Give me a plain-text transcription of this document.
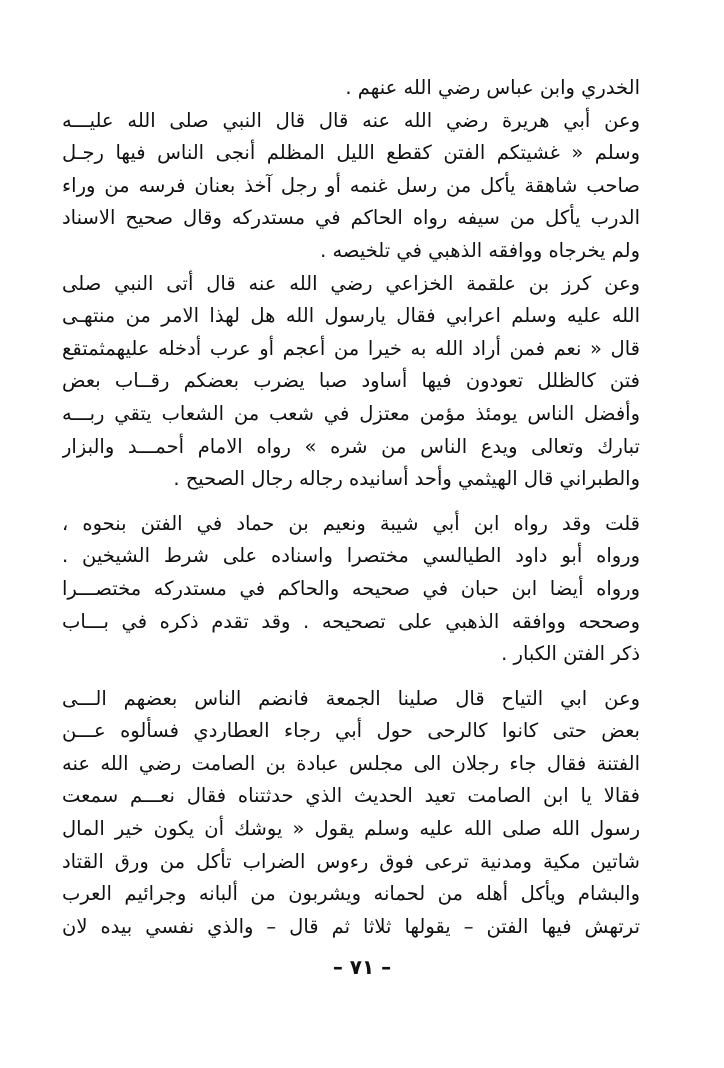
الخدري وابن عباس رضي الله عنهم .
وعن أبي هريرة رضي الله عنه قال قال النبي صلى الله عليـــه
وسلم « غشيتكم الفتن كقطع الليل المظلم أنجى الناس فيها رجـل
صاحب شاهقة يأكل من رسل غنمه أو رجل آخذ بعنان فرسه من وراء
الدرب يأكل من سيفه رواه الحاكم في مستدركه وقال صحيح الاسناد
ولم يخرجاه ووافقه الذهبي في تلخيصه .
وعن كرز بن علقمة الخزاعي رضي الله عنه قال أتى النبي صلى
الله عليه وسلم اعرابي فقال يارسول الله هل لهذا الامر من منتهـى
قال « نعم فمن أراد الله به خيرا من أعجم أو عرب أدخله عليهمثمتقع
فتن كالظلل تعودون فيها أساود صبا يضرب بعضكم رقــاب بعض
وأفضل الناس يومئذ مؤمن معتزل في شعب من الشعاب يتقي ربـــه
تبارك وتعالى ويدع الناس من شره » رواه الامام أحمـــد والبزار
والطبراني قال الهيثمي وأحد أسانيده رجاله رجال الصحيح .
قلت وقد رواه ابن أبي شيبة ونعيم بن حماد في الفتن بنحوه ،
ورواه أبو داود الطيالسي مختصرا واسناده على شرط الشيخين .
ورواه أيضا ابن حبان في صحيحه والحاكم في مستدركه مختصـــرا
وصححه ووافقه الذهبي على تصحيحه . وقد تقدم ذكره في بـــاب
ذكر الفتن الكبار .
وعن ابي التياح قال صلينا الجمعة فانضم الناس بعضهم الـــى
بعض حتى كانوا كالرحى حول أبي رجاء العطاردي فسألوه عـــن
الفتنة فقال جاء رجلان الى مجلس عبادة بن الصامت رضي الله عنه
فقالا يا ابن الصامت تعيد الحديث الذي حدثتناه فقال نعـــم سمعت
رسول الله صلى الله عليه وسلم يقول « يوشك أن يكون خير المال
شاتين مكية ومدنية ترعى فوق رءوس الضراب تأكل من ورق القتاد
والبشام ويأكل أهله من لحمانه ويشربون من ألبانه وجرائيم العرب
ترتهش فيها الفتن – يقولها ثلاثا ثم قال – والذي نفسي بيده لان
– ٧١ –
